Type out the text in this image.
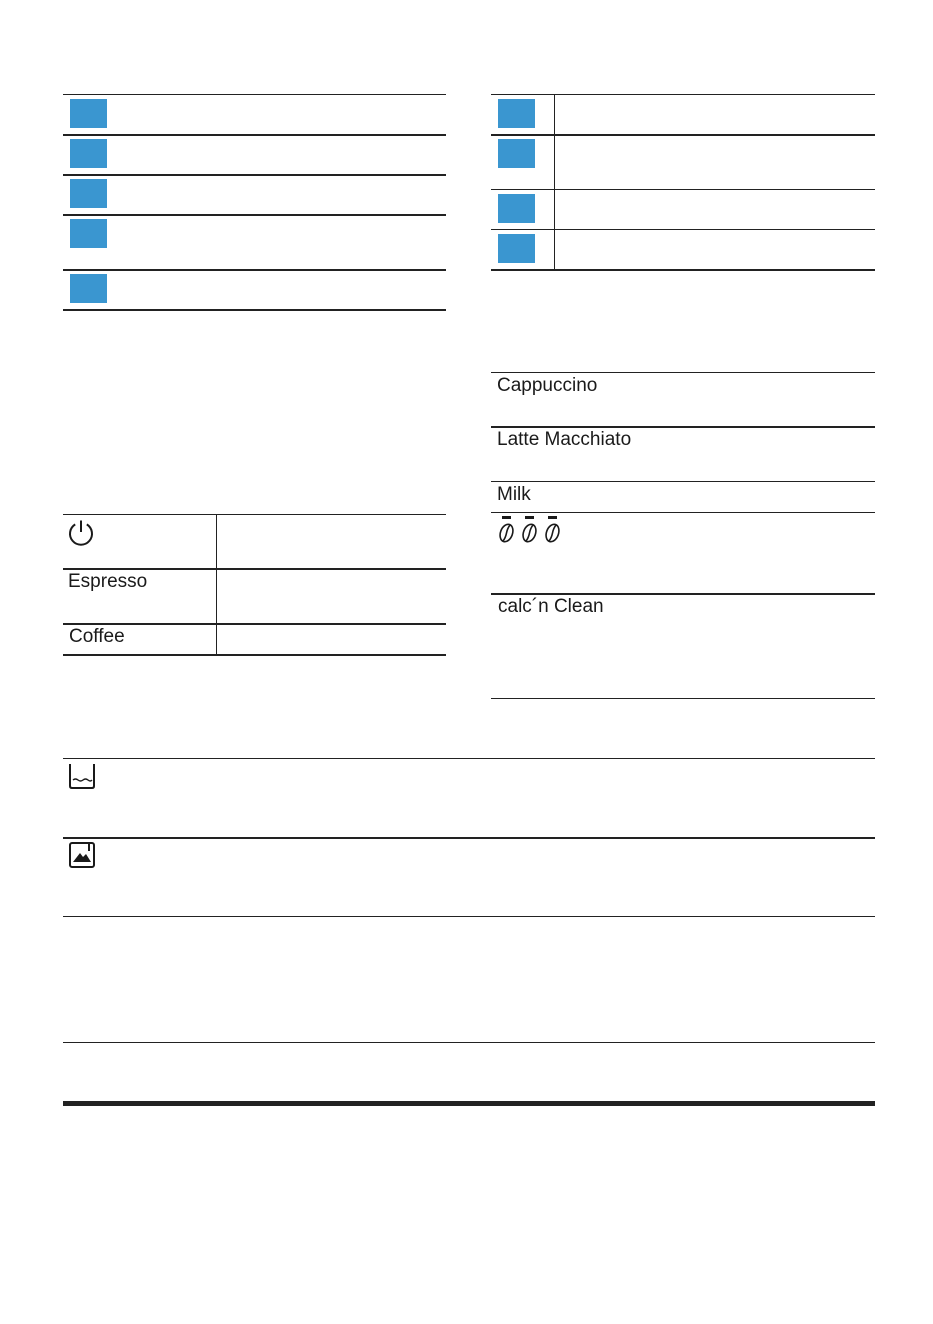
Espresso
Coffee
Cappuccino
Latte Macchiato
Milk
calc´n Clean
